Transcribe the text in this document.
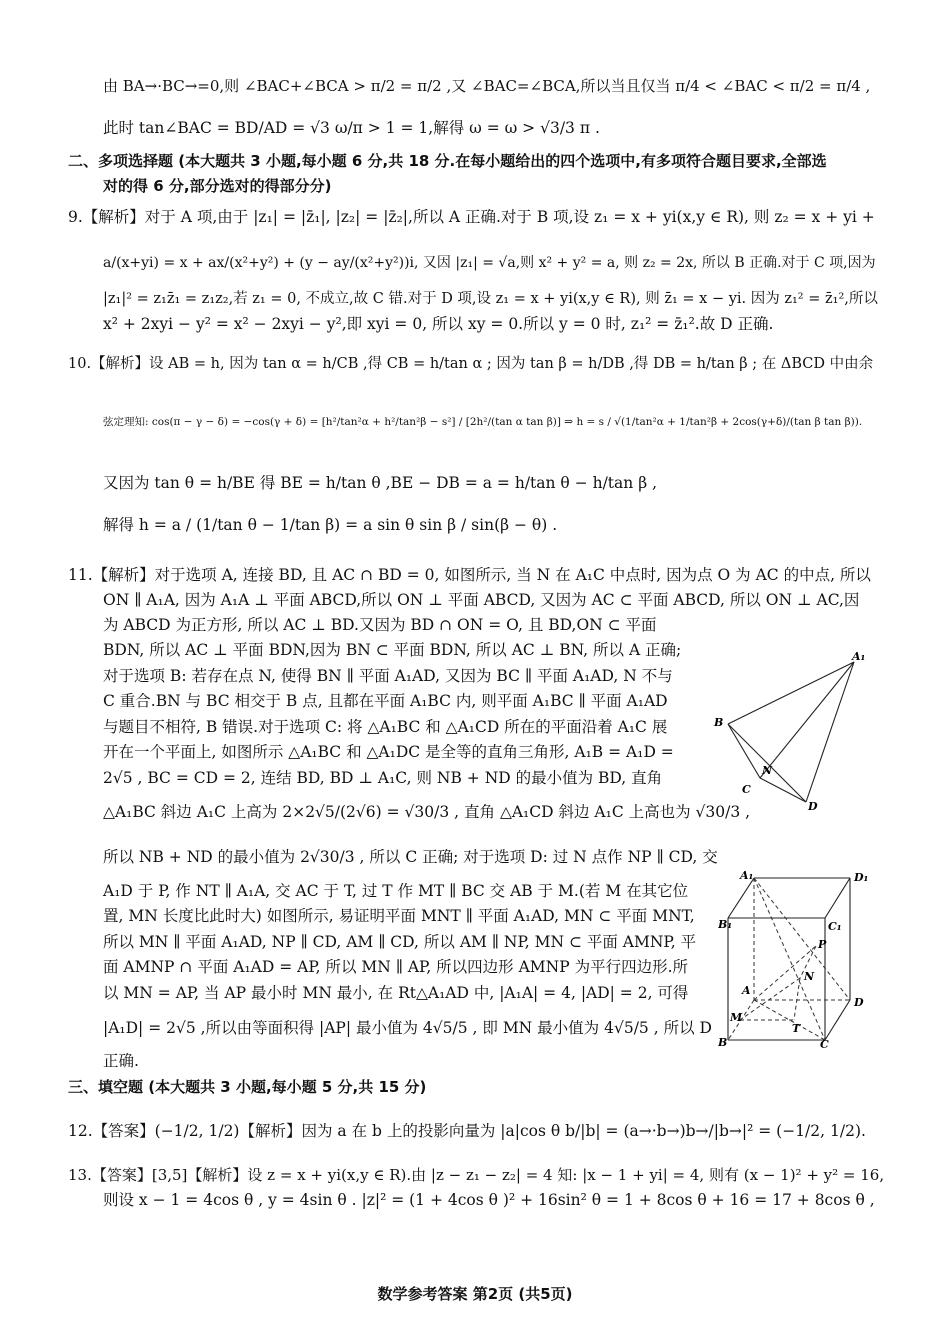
由 BA→·BC→=0,则 ∠BAC+∠BCA > π/2 = π/2 ,又 ∠BAC=∠BCA,所以当且仅当 π/4 < ∠BAC < π/2 = π/4 ,
此时 tan∠BAC = BD/AD = √3 ω/π > 1 = 1,解得 ω = ω > √3/3 π .
二、多项选择题 (本大题共 3 小题,每小题 6 分,共 18 分.在每小题给出的四个选项中,有多项符合题目要求,全部选
对的得 6 分,部分选对的得部分分)
9.【解析】对于 A 项,由于 |z₁| = |z̄₁|, |z₂| = |z̄₂|,所以 A 正确.对于 B 项,设 z₁ = x + yi(x,y ∈ R), 则 z₂ = x + yi +
a/(x+yi) = x + ax/(x²+y²) + (y − ay/(x²+y²))i, 又因 |z₁| = √a,则 x² + y² = a, 则 z₂ = 2x, 所以 B 正确.对于 C 项,因为
|z₁|² = z₁z̄₁ = z₁z₂,若 z₁ = 0, 不成立,故 C 错.对于 D 项,设 z₁ = x + yi(x,y ∈ R), 则 z̄₁ = x − yi. 因为 z₁² = z̄₁²,所以
x² + 2xyi − y² = x² − 2xyi − y²,即 xyi = 0, 所以 xy = 0.所以 y = 0 时, z₁² = z̄₁².故 D 正确.
10.【解析】设 AB = h, 因为 tan α = h/CB ,得 CB = h/tan α ; 因为 tan β = h/DB ,得 DB = h/tan β ; 在 ΔBCD 中由余
弦定理知: cos(π − γ − δ) = −cos(γ + δ) = [h²/tan²α + h²/tan²β − s²] / [2h²/(tan α tan β)] ⇒ h = s / √(1/tan²α + 1/tan²β + 2cos(γ+δ)/(tan β tan β)).
又因为 tan θ = h/BE 得 BE = h/tan θ ,BE − DB = a = h/tan θ − h/tan β ,
解得 h = a / (1/tan θ − 1/tan β) = a sin θ sin β / sin(β − θ) .
11.【解析】对于选项 A, 连接 BD, 且 AC ∩ BD = 0, 如图所示, 当 N 在 A₁C 中点时, 因为点 O 为 AC 的中点, 所以
ON ∥ A₁A, 因为 A₁A ⊥ 平面 ABCD,所以 ON ⊥ 平面 ABCD, 又因为 AC ⊂ 平面 ABCD, 所以 ON ⊥ AC,因
为 ABCD 为正方形, 所以 AC ⊥ BD.又因为 BD ∩ ON = O, 且 BD,ON ⊂ 平面
BDN, 所以 AC ⊥ 平面 BDN,因为 BN ⊂ 平面 BDN, 所以 AC ⊥ BN, 所以 A 正确;
对于选项 B: 若存在点 N, 使得 BN ∥ 平面 A₁AD, 又因为 BC ∥ 平面 A₁AD, N 不与
C 重合.BN 与 BC 相交于 B 点, 且都在平面 A₁BC 内, 则平面 A₁BC ∥ 平面 A₁AD
与题目不相符, B 错误.对于选项 C: 将 △A₁BC 和 △A₁CD 所在的平面沿着 A₁C 展
开在一个平面上, 如图所示 △A₁BC 和 △A₁DC 是全等的直角三角形, A₁B = A₁D =
2√5 , BC = CD = 2, 连结 BD, BD ⊥ A₁C, 则 NB + ND 的最小值为 BD, 直角
△A₁BC 斜边 A₁C 上高为 2×2√5/(2√6) = √30/3 , 直角 △A₁CD 斜边 A₁C 上高也为 √30/3 ,
所以 NB + ND 的最小值为 2√30/3 , 所以 C 正确; 对于选项 D: 过 N 点作 NP ∥ CD, 交
A₁D 于 P, 作 NT ∥ A₁A, 交 AC 于 T, 过 T 作 MT ∥ BC 交 AB 于 M.(若 M 在其它位
置, MN 长度比此时大) 如图所示, 易证明平面 MNT ∥ 平面 A₁AD, MN ⊂ 平面 MNT,
所以 MN ∥ 平面 A₁AD, NP ∥ CD, AM ∥ CD, 所以 AM ∥ NP, MN ⊂ 平面 AMNP, 平
面 AMNP ∩ 平面 A₁AD = AP, 所以 MN ∥ AP, 所以四边形 AMNP 为平行四边形.所
以 MN = AP, 当 AP 最小时 MN 最小, 在 Rt△A₁AD 中, |A₁A| = 4, |AD| = 2, 可得
|A₁D| = 2√5 ,所以由等面积得 |AP| 最小值为 4√5/5 , 即 MN 最小值为 4√5/5 , 所以 D
正确.
三、填空题 (本大题共 3 小题,每小题 5 分,共 15 分)
12.【答案】(−1/2, 1/2)【解析】因为 a 在 b 上的投影向量为 |a|cos θ b/|b| = (a→·b→)b→/|b→|² = (−1/2, 1/2).
13.【答案】[3,5]【解析】设 z = x + yi(x,y ∈ R).由 |z − z₁ − z₂| = 4 知: |x − 1 + yi| = 4, 则有 (x − 1)² + y² = 16,
则设 x − 1 = 4cos θ , y = 4sin θ . |z|² = (1 + 4cos θ )² + 16sin² θ = 1 + 8cos θ + 16 = 17 + 8cos θ ,
A₁
B
N
C
D
A₁	D₁
B₁	C₁
P
N
A
M
T
B	C
D
数学参考答案 第2页 (共5页)
